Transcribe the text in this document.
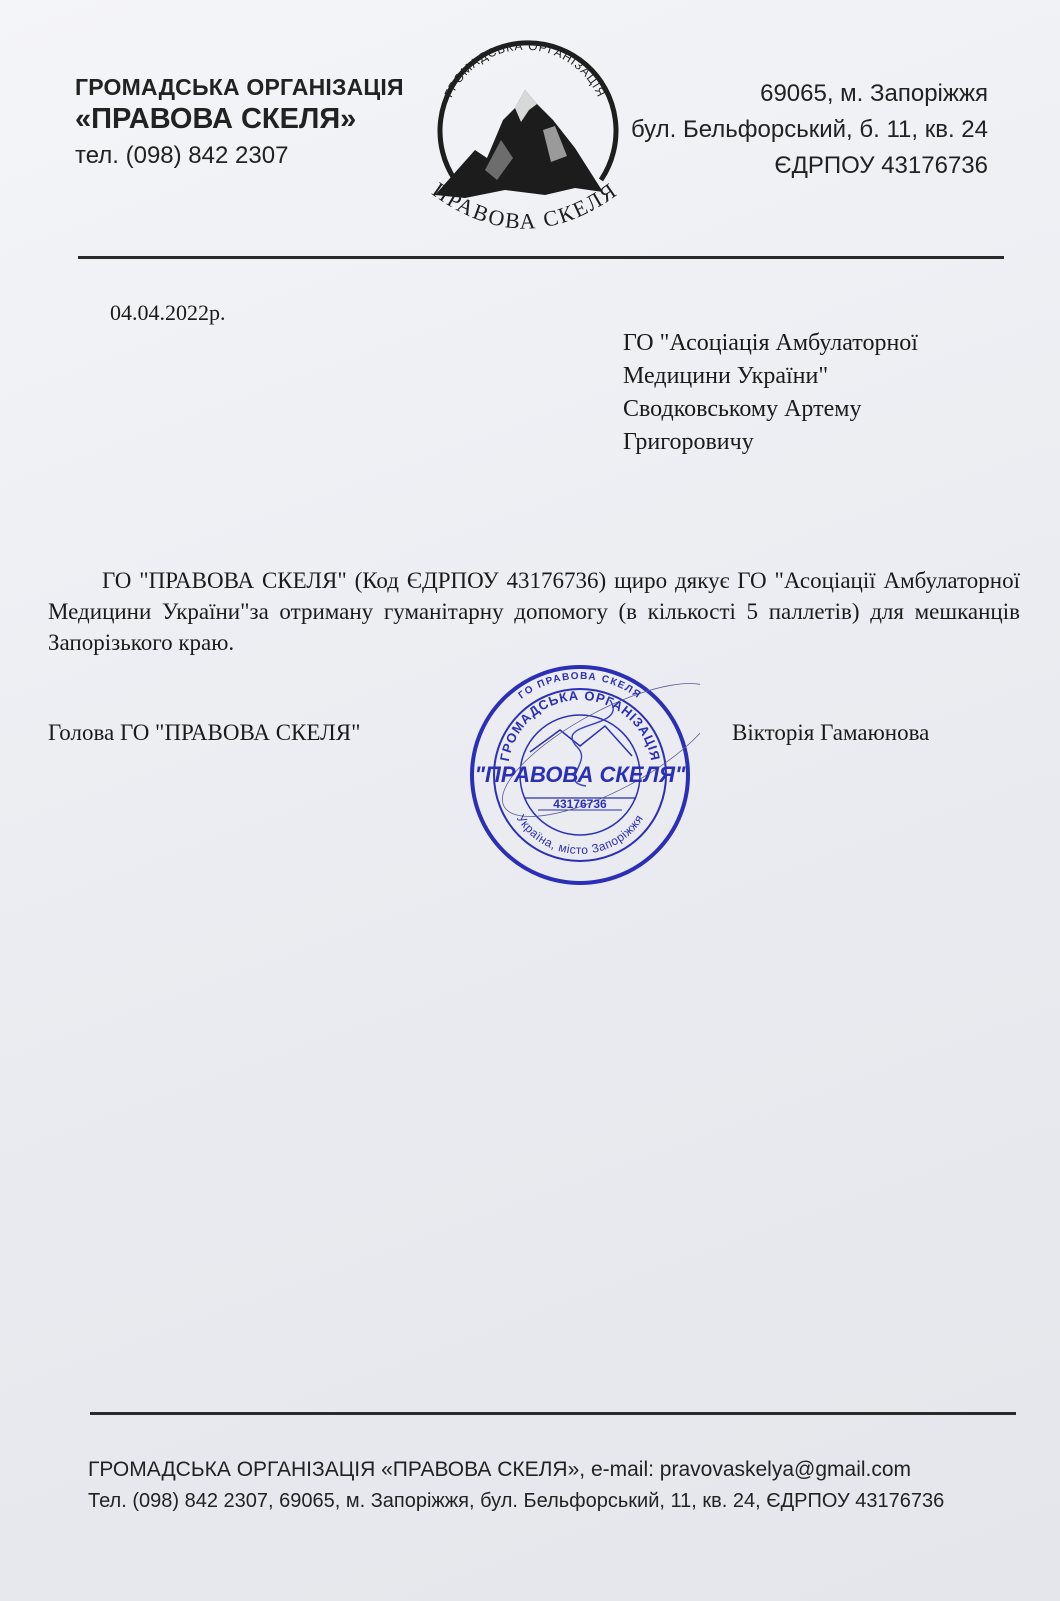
ГРОМАДСЬКА ОРГАНІЗАЦІЯ
«ПРАВОВА СКЕЛЯ»
тел. (098) 842 2307
ГРОМАДСЬКА ОРГАНІЗАЦІЯ
ПРАВОВА СКЕЛЯ
69065, м. Запоріжжя
бул. Бельфорський, б. 11, кв. 24
ЄДРПОУ 43176736
04.04.2022р.
ГО "Асоціація Амбулаторної
Медицини України"
Сводковському Артему
Григоровичу
ГО "ПРАВОВА СКЕЛЯ" (Код ЄДРПОУ 43176736) щиро дякує ГО "Асоціації Амбулаторної Медицини України"за отриману гуманітарну допомогу (в кількості 5 паллетів) для мешканців Запорізького краю.
Голова ГО "ПРАВОВА СКЕЛЯ"	Вікторія Гамаюнова
ГО ПРАВОВА СКЕЛЯ
ГРОМАДСЬКА ОРГАНІЗАЦІЯ
"ПРАВОВА СКЕЛЯ"
43176736
Україна, місто Запоріжжя
ГРОМАДСЬКА ОРГАНІЗАЦІЯ «ПРАВОВА СКЕЛЯ», e-mail: pravovaskelya@gmail.com
Тел. (098) 842 2307, 69065, м. Запоріжжя, бул. Бельфорський, 11, кв. 24, ЄДРПОУ 43176736
